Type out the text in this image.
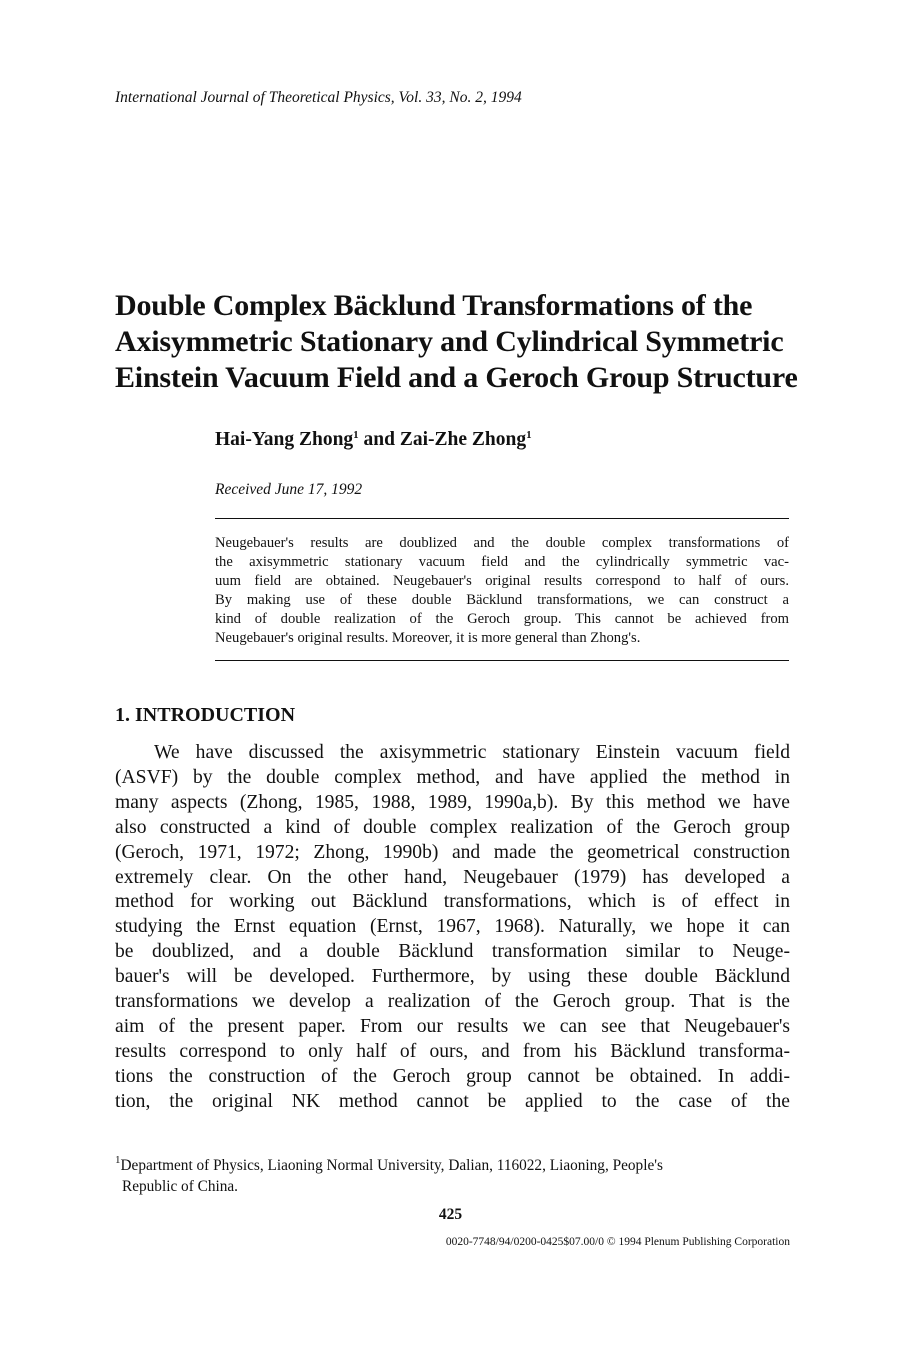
International Journal of Theoretical Physics, Vol. 33, No. 2, 1994
Double Complex Bäcklund Transformations of the
Axisymmetric Stationary and Cylindrical Symmetric
Einstein Vacuum Field and a Geroch Group Structure
Hai-Yang Zhong$^1$ and Zai-Zhe Zhong$^1$
Received June 17, 1992
Neugebauer's results are doublized and the double complex transformations of
the axisymmetric stationary vacuum field and the cylindrically symmetric vac-
uum field are obtained. Neugebauer's original results correspond to half of ours.
By making use of these double Bäcklund transformations, we can construct a
kind of double realization of the Geroch group. This cannot be achieved from
Neugebauer's original results. Moreover, it is more general than Zhong's.
1. INTRODUCTION
We have discussed the axisymmetric stationary Einstein vacuum field
(ASVF) by the double complex method, and have applied the method in
many aspects (Zhong, 1985, 1988, 1989, 1990a,b). By this method we have
also constructed a kind of double complex realization of the Geroch group
(Geroch, 1971, 1972; Zhong, 1990b) and made the geometrical construction
extremely clear. On the other hand, Neugebauer (1979) has developed a
method for working out Bäcklund transformations, which is of effect in
studying the Ernst equation (Ernst, 1967, 1968). Naturally, we hope it can
be doublized, and a double Bäcklund transformation similar to Neuge-
bauer's will be developed. Furthermore, by using these double Bäcklund
transformations we develop a realization of the Geroch group. That is the
aim of the present paper. From our results we can see that Neugebauer's
results correspond to only half of ours, and from his Bäcklund transforma-
tions the construction of the Geroch group cannot be obtained. In addi-
tion, the original NK method cannot be applied to the case of the
$^1$Department of Physics, Liaoning Normal University, Dalian, 116022, Liaoning, People's
Republic of China.
425
0020-7748/94/0200-0425$07.00/0 © 1994 Plenum Publishing Corporation
